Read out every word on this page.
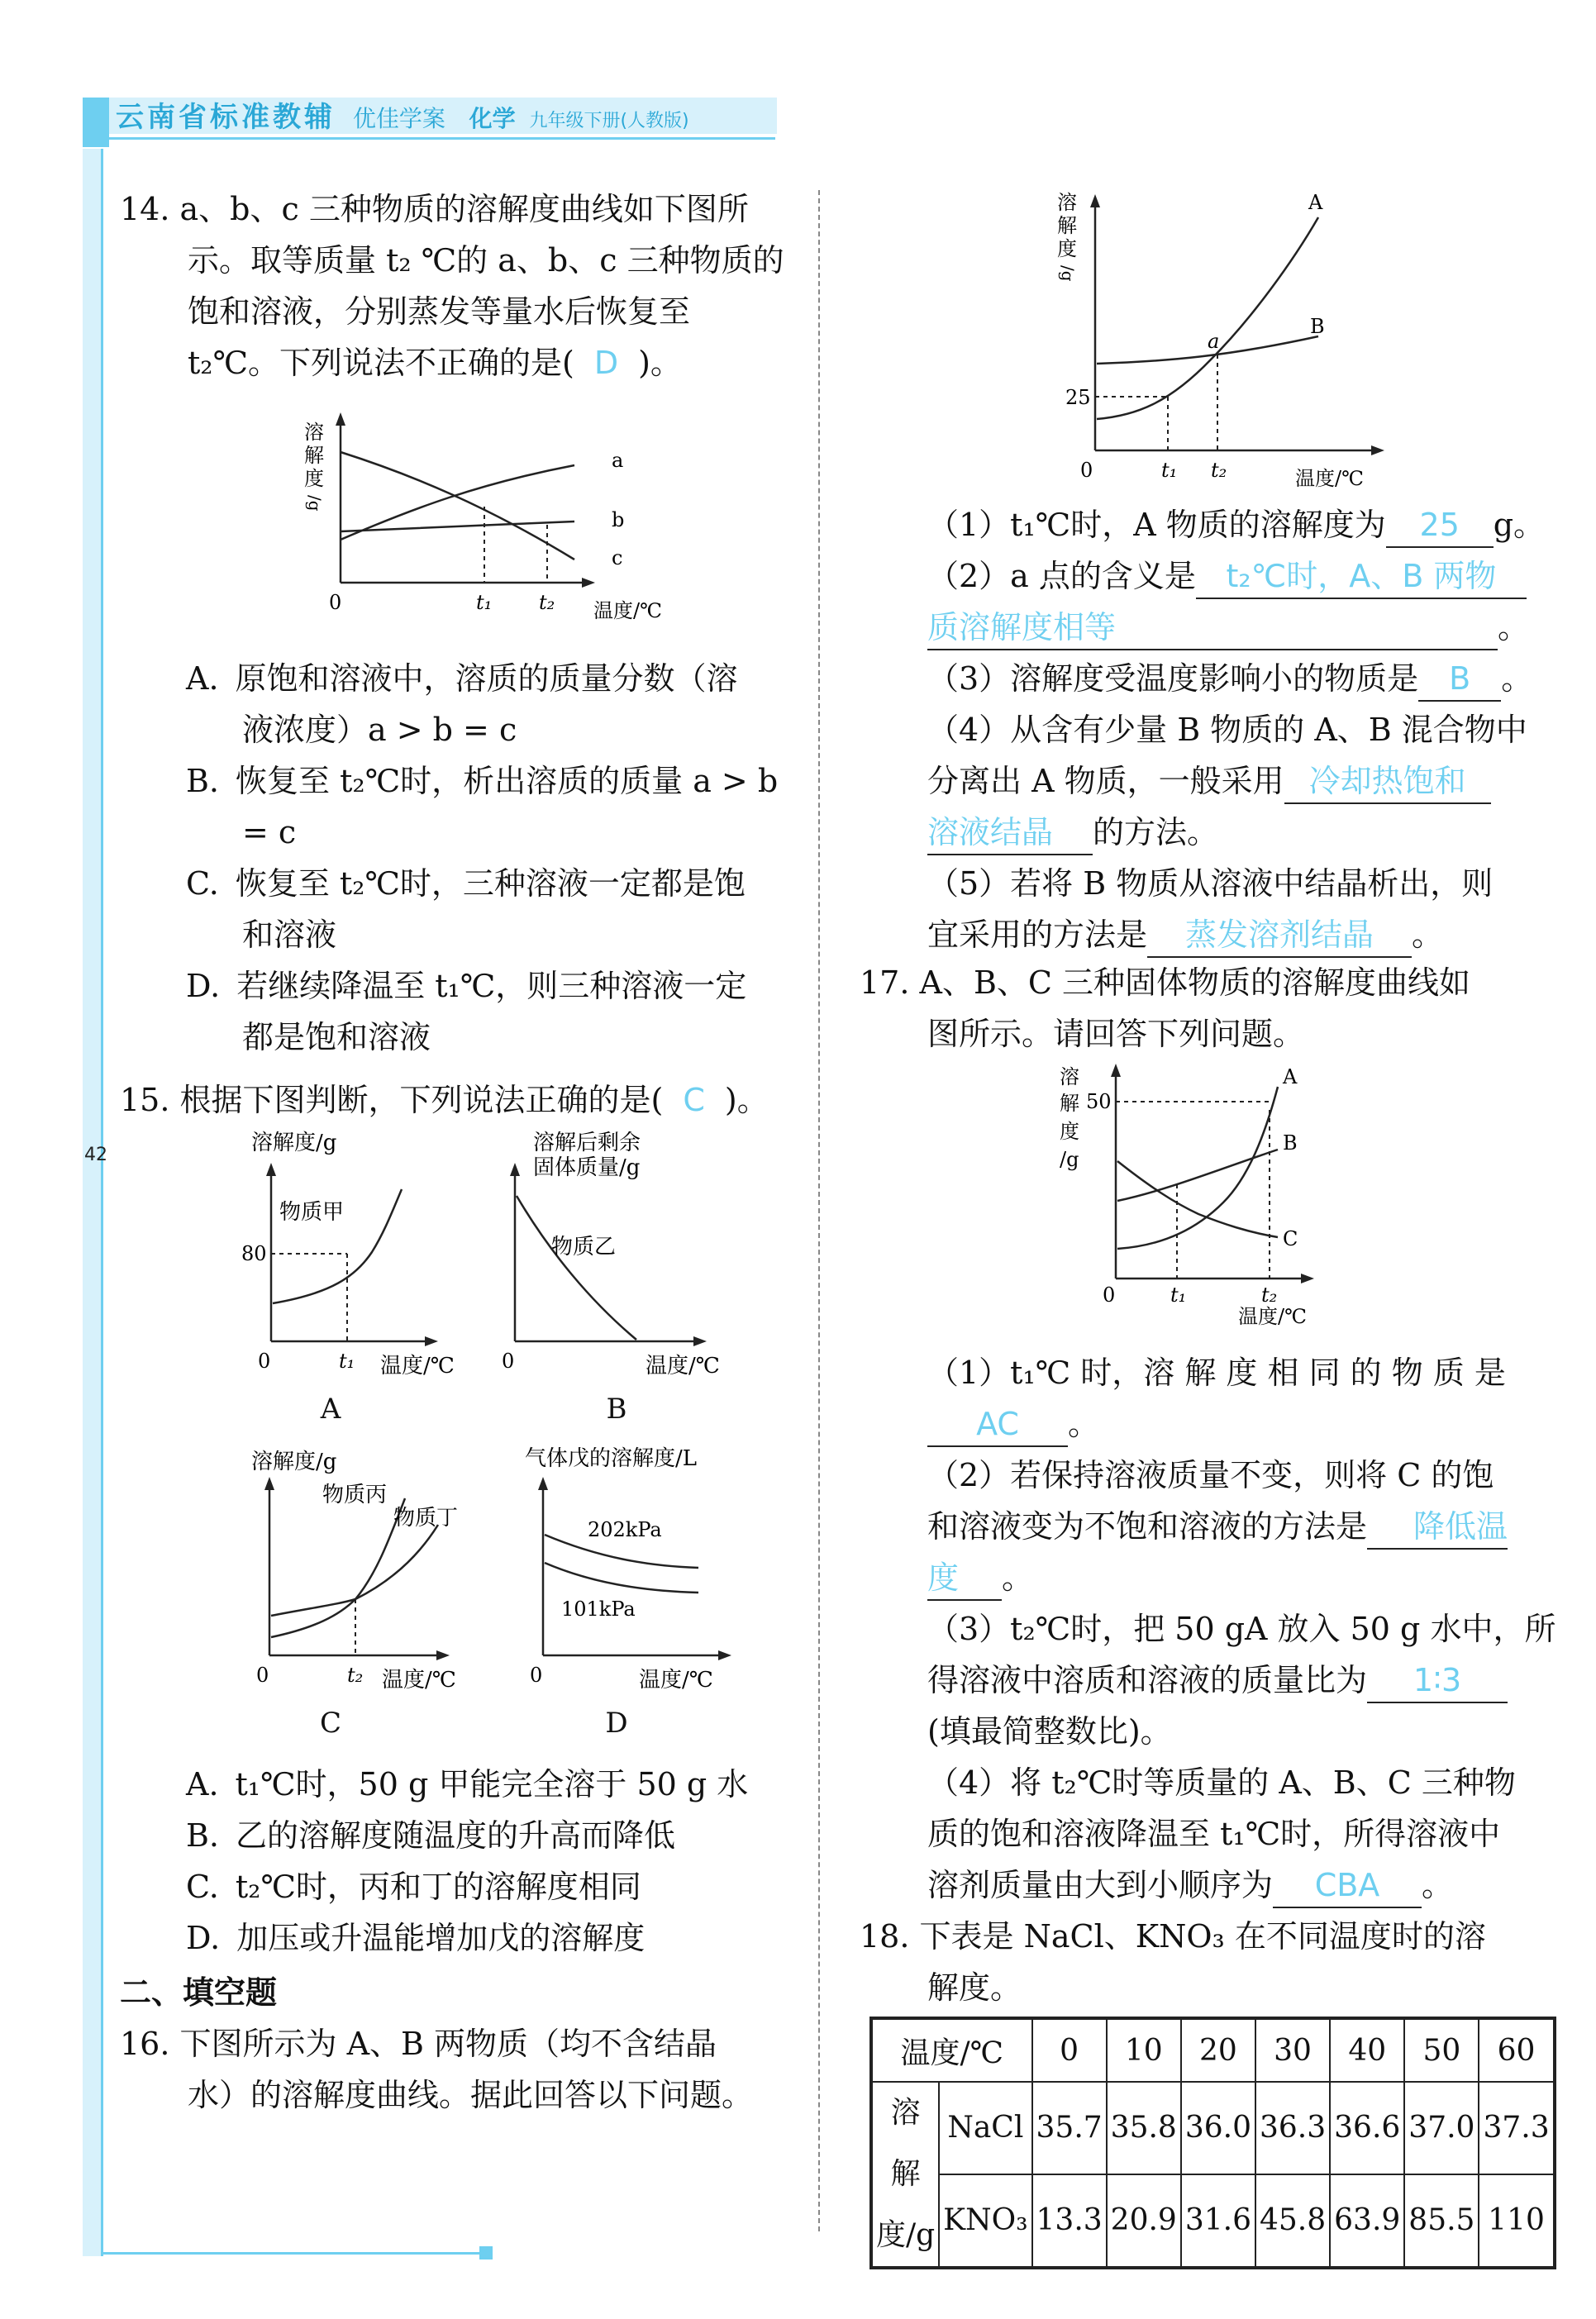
云南省标准教辅 优佳学案 化学 九年级下册(人教版)
42
14. a、b、c 三种物质的溶解度曲线如下图所
示。取等质量 t₂ ℃的 a、b、c 三种物质的
饱和溶液，分别蒸发等量水后恢复至
t₂℃。下列说法不正确的是( D )。
溶
解
度
/g
a
b
c
0	t₁ t₂ 温度/℃
A. 原饱和溶液中，溶质的质量分数（溶
液浓度）a > b = c
B. 恢复至 t₂℃时，析出溶质的质量 a > b
= c
C. 恢复至 t₂℃时，三种溶液一定都是饱
和溶液
D. 若继续降温至 t₁℃，则三种溶液一定
都是饱和溶液
15. 根据下图判断，下列说法正确的是( C )。
溶解度/g
物质甲
80
0	t₁ 温度/℃
A
溶解后剩余
固体质量/g
物质乙
0	温度/℃
B
溶解度/g
物质丙
物质丁
0	t₂ 温度/℃
C
气体戊的溶解度/L
202kPa
101kPa
0	温度/℃
D
A. t₁℃时，50 g 甲能完全溶于 50 g 水
B. 乙的溶解度随温度的升高而降低
C. t₂℃时，丙和丁的溶解度相同
D. 加压或升温能增加戊的溶解度
二、填空题
16. 下图所示为 A、B 两物质（均不含结晶
水）的溶解度曲线。据此回答以下问题。
溶
解
度
/g
A
B
a
25
0	t₁ t₂	温度/℃
（1）t₁℃时，A 物质的溶解度为 25 g。
（2）a 点的含义是 t₂℃时，A、B 两物
质溶解度相等	。
（3）溶解度受温度影响小的物质是 B 。
（4）从含有少量 B 物质的 A、B 混合物中
分离出 A 物质，一般采用 冷却热饱和
溶液结晶 的方法。
（5）若将 B 物质从溶液中结晶析出，则
宜采用的方法是 蒸发溶剂结晶 。
17. A、B、C 三种固体物质的溶解度曲线如
图所示。请回答下列问题。
溶
解
度
/g
A
B
C
50
0	t₁	t₂
温度/℃
（1）t₁℃ 时，溶 解 度 相 同 的 物 质 是
AC 。
（2）若保持溶液质量不变，则将 C 的饱
和溶液变为不饱和溶液的方法是 降低温
度 。
（3）t₂℃时，把 50 gA 放入 50 g 水中，所
得溶液中溶质和溶液的质量比为 1∶3
(填最简整数比)。
（4）将 t₂℃时等质量的 A、B、C 三种物
质的饱和溶液降温至 t₁℃时，所得溶液中
溶剂质量由大到小顺序为 CBA 。
18. 下表是 NaCl、KNO₃ 在不同温度时的溶
解度。
温度/℃		0	10	20	30	40	50	60
溶解度/g	NaCl	35.7	35.8	36.0	36.3	36.6	37.0	37.3
	KNO₃	13.3	20.9	31.6	45.8	63.9	85.5	110
